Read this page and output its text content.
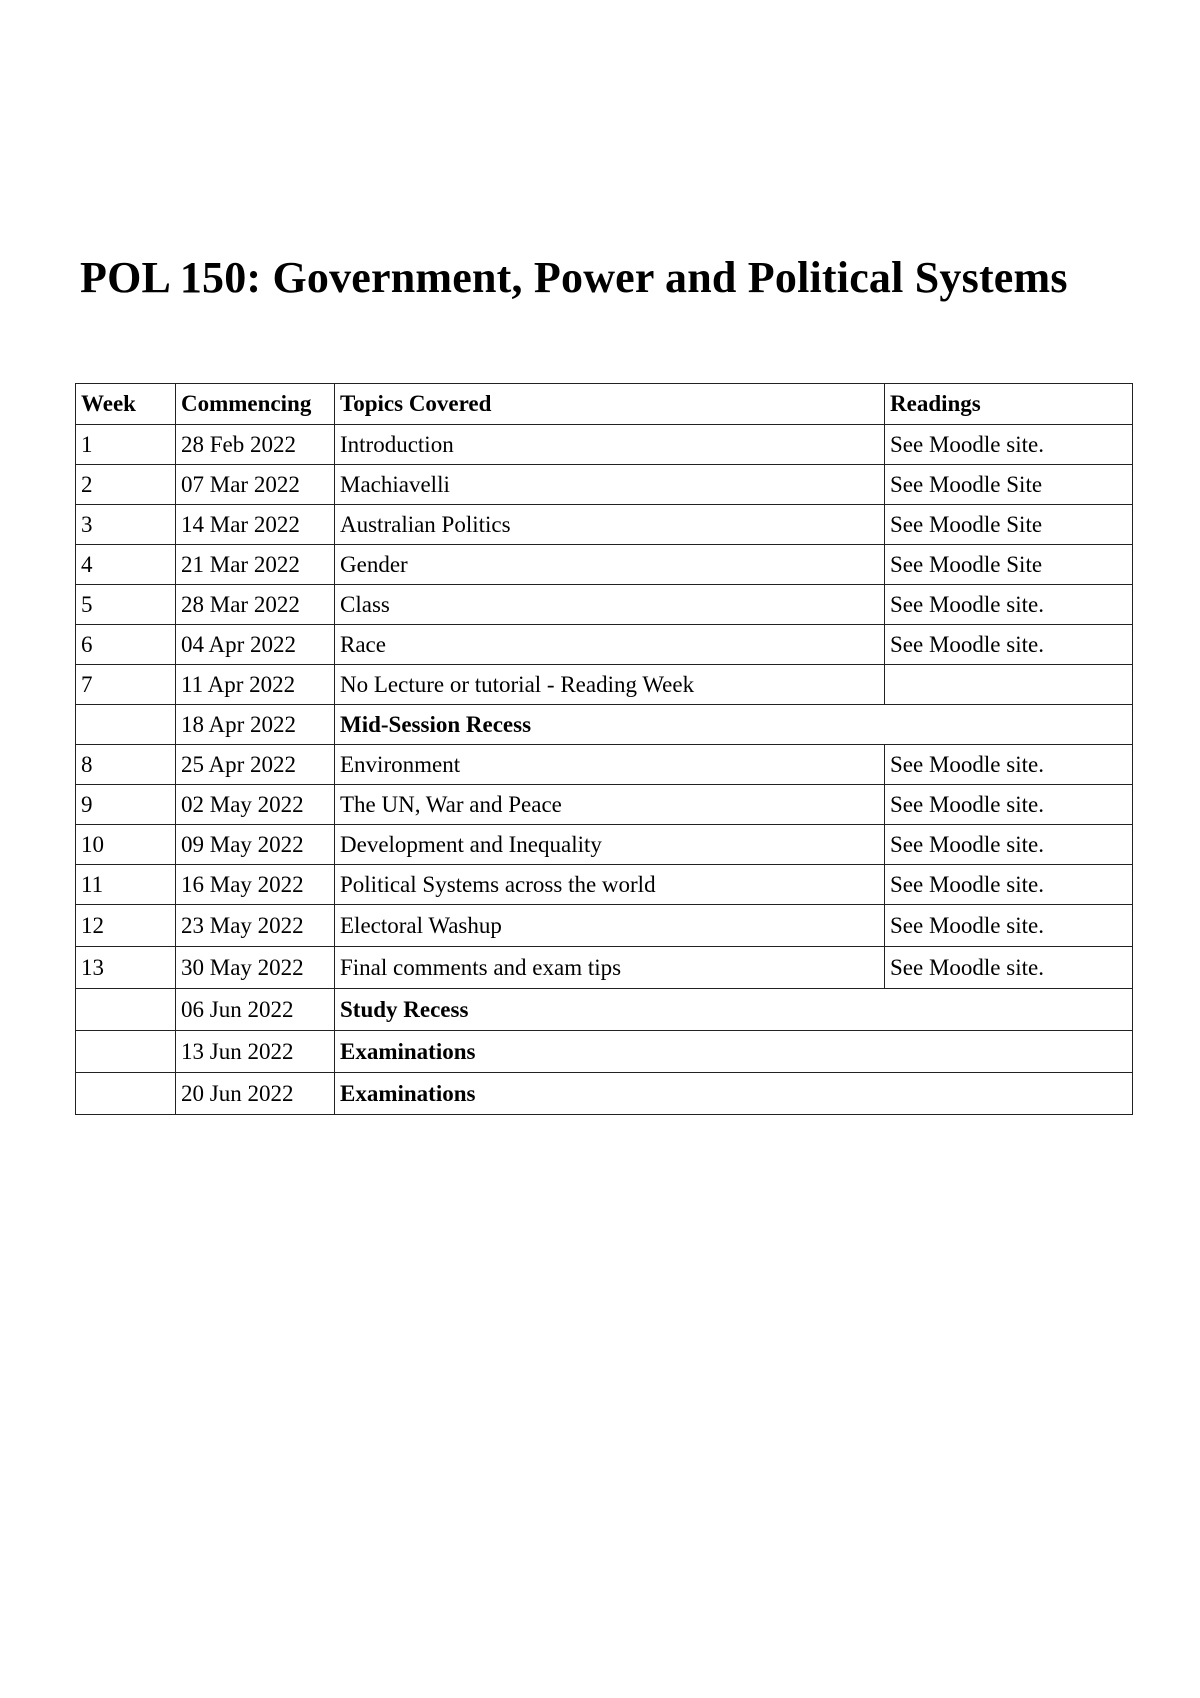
POL 150: Government, Power and Political Systems
Week	Commencing	Topics Covered	Readings
1	28 Feb 2022	Introduction	See Moodle site.
2	07 Mar 2022	Machiavelli	See Moodle Site
3	14 Mar 2022	Australian Politics	See Moodle Site
4	21 Mar 2022	Gender	See Moodle Site
5	28 Mar 2022	Class	See Moodle site.
6	04 Apr 2022	Race	See Moodle site.
7	11 Apr 2022	No Lecture or tutorial - Reading Week	
	18 Apr 2022	Mid-Session Recess	
8	25 Apr 2022	Environment	See Moodle site.
9	02 May 2022	The UN, War and Peace	See Moodle site.
10	09 May 2022	Development and Inequality	See Moodle site.
11	16 May 2022	Political Systems across the world	See Moodle site.
12	23 May 2022	Electoral Washup	See Moodle site.
13	30 May 2022	Final comments and exam tips	See Moodle site.
	06 Jun 2022	Study Recess	
	13 Jun 2022	Examinations	
	20 Jun 2022	Examinations	
